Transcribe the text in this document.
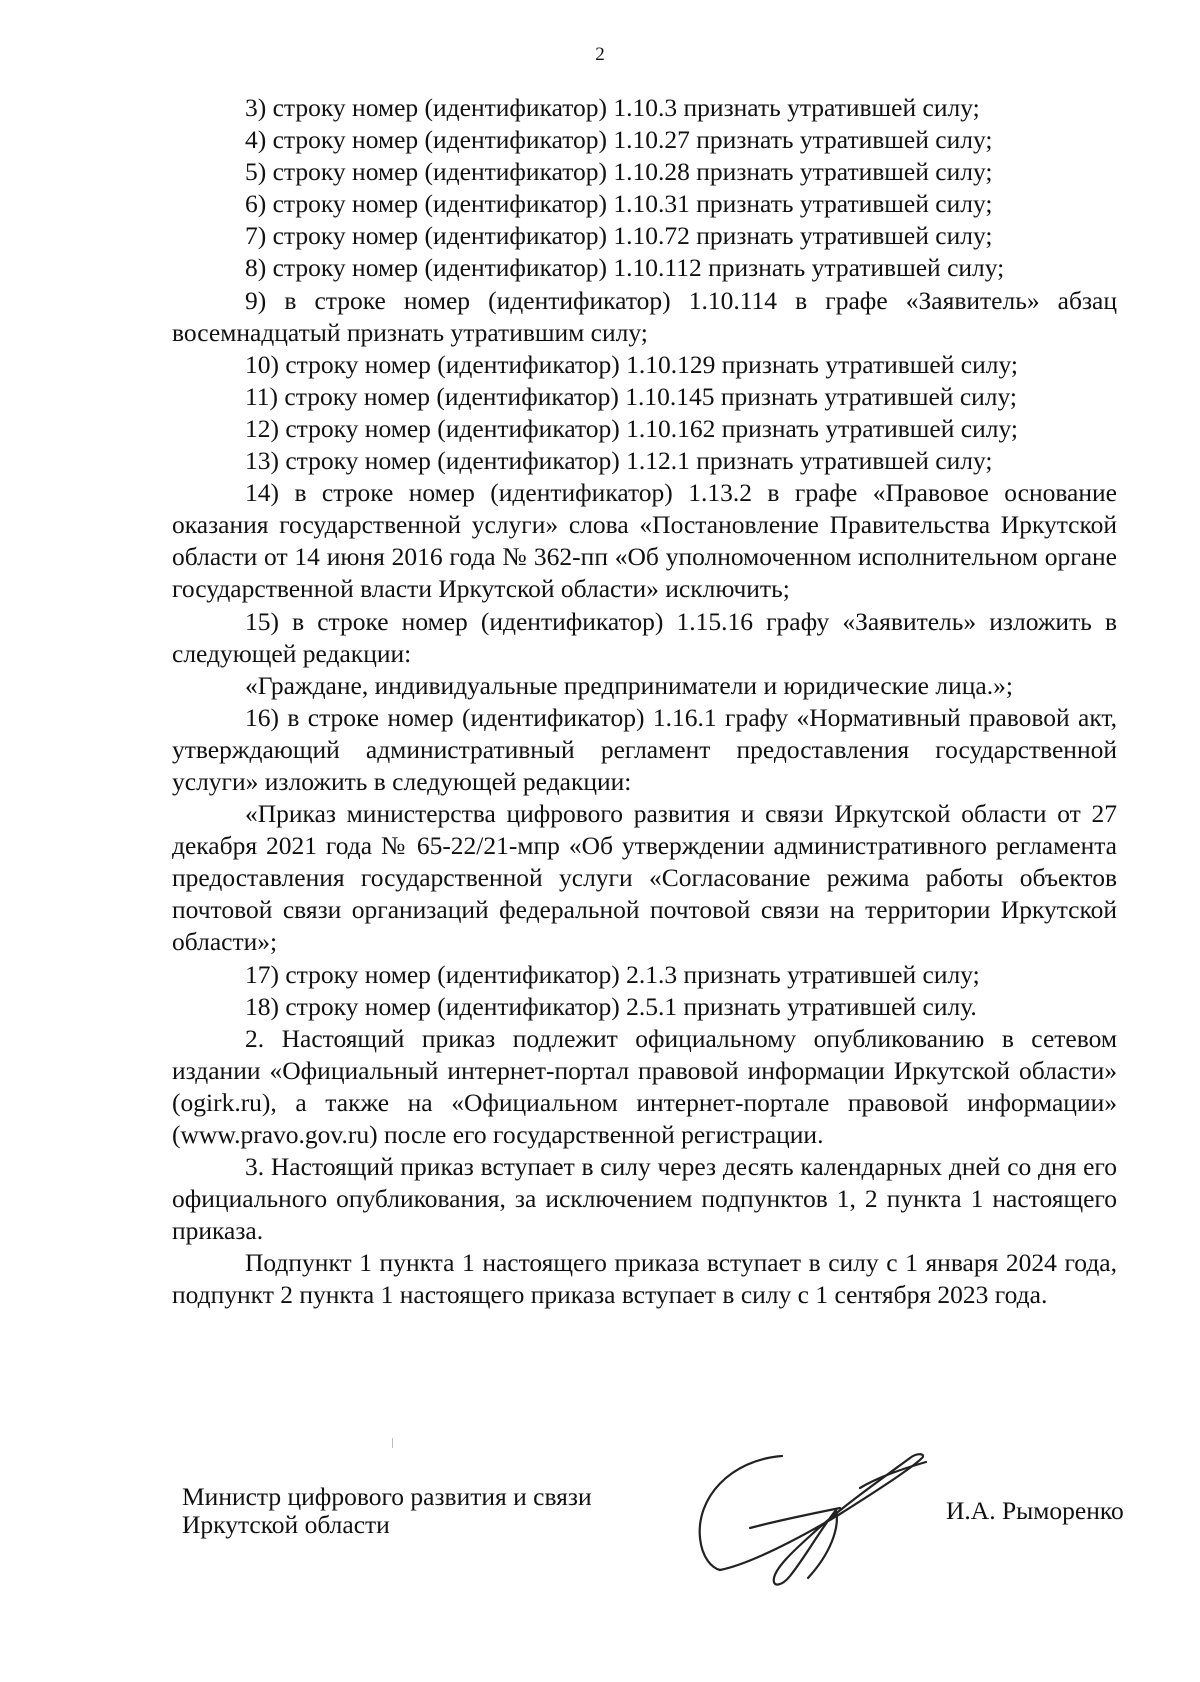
2

3) строку номер (идентификатор) 1.10.3 признать утратившей силу;

4) строку номер (идентификатор) 1.10.27 признать утратившей силу;

5) строку номер (идентификатор) 1.10.28 признать утратившей силу;

6) строку номер (идентификатор) 1.10.31 признать утратившей силу;

7) строку номер (идентификатор) 1.10.72 признать утратившей силу;

8) строку номер (идентификатор) 1.10.112 признать утратившей силу;

9) в строке номер (идентификатор) 1.10.114 в графе «Заявитель» абзац восемнадцатый признать утратившим силу;

10) строку номер (идентификатор) 1.10.129 признать утратившей силу;

11) строку номер (идентификатор) 1.10.145 признать утратившей силу;

12) строку номер (идентификатор) 1.10.162 признать утратившей силу;

13) строку номер (идентификатор) 1.12.1 признать утратившей силу;

14) в строке номер (идентификатор) 1.13.2 в графе «Правовое основание оказания государственной услуги» слова «Постановление Правительства Иркутской области от 14 июня 2016 года № 362-пп «Об уполномоченном исполнительном органе государственной власти Иркутской области» исключить;

15) в строке номер (идентификатор) 1.15.16 графу «Заявитель» изложить в следующей редакции:

«Граждане, индивидуальные предприниматели и юридические лица.»;

16) в строке номер (идентификатор) 1.16.1 графу «Нормативный правовой акт, утверждающий административный регламент предоставления государственной услуги» изложить в следующей редакции:

«Приказ министерства цифрового развития и связи Иркутской области от 27 декабря 2021 года № 65-22/21-мпр «Об утверждении административного регламента предоставления государственной услуги «Согласование режима работы объектов почтовой связи организаций федеральной почтовой связи на территории Иркутской области»;

17) строку номер (идентификатор) 2.1.3 признать утратившей силу;

18) строку номер (идентификатор) 2.5.1 признать утратившей силу.

2. Настоящий приказ подлежит официальному опубликованию в сетевом издании «Официальный интернет-портал правовой информации Иркутской области» (ogirk.ru), а также на «Официальном интернет-портале правовой информации» (www.pravo.gov.ru) после его государственной регистрации.

3. Настоящий приказ вступает в силу через десять календарных дней со дня его официального опубликования, за исключением подпунктов 1, 2 пункта 1 настоящего приказа.

Подпункт 1 пункта 1 настоящего приказа вступает в силу с 1 января 2024 года, подпункт 2 пункта 1 настоящего приказа вступает в силу с 1 сентября 2023 года.

Министр цифрового развития и связи
Иркутской области	И.А. Рыморенко
